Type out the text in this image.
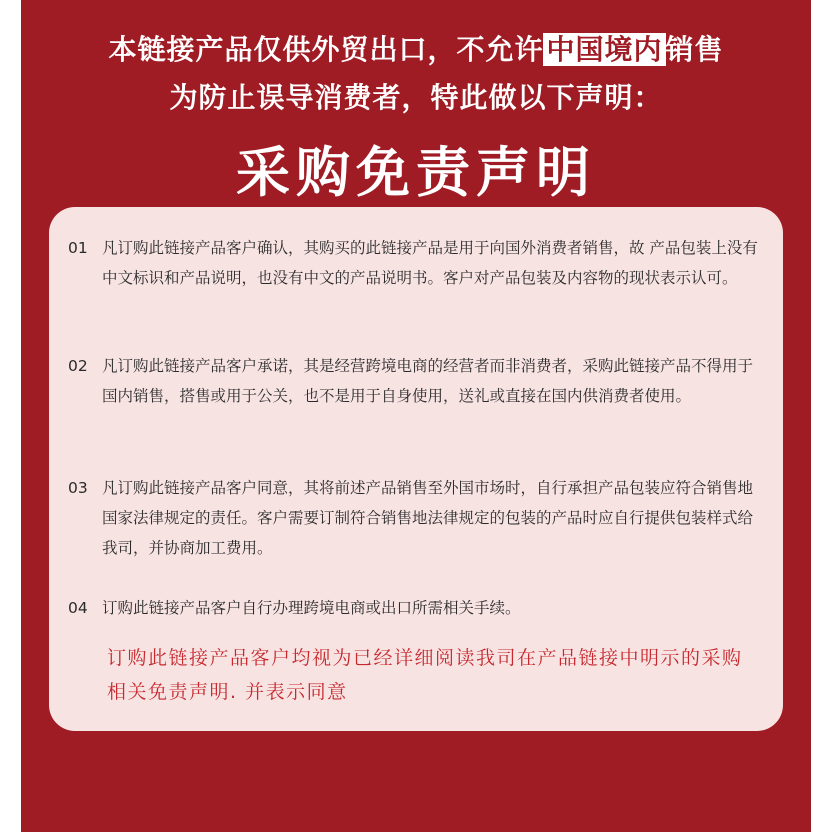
本链接产品仅供外贸出口，不允许 中国境内 销售
为防止误导消费者，特此做以下声明：
采购免责声明
01 凡订购此链接产品客户确认，其购买的此链接产品是用于向国外消费者销售，故 产品包装上没有中文标识和产品说明，也没有中文的产品说明书。客户对产品包装及内容物的现状表示认可。
02 凡订购此链接产品客户承诺，其是经营跨境电商的经营者而非消费者，采购此链接产品不得用于国内销售，搭售或用于公关，也不是用于自身使用，送礼或直接在国内供消费者使用。
03 凡订购此链接产品客户同意，其将前述产品销售至外国市场时，自行承担产品包装应符合销售地国家法律规定的责任。客户需要订制符合销售地法律规定的包装的产品时应自行提供包装样式给我司，并协商加工费用。
04 订购此链接产品客户自行办理跨境电商或出口所需相关手续。
订购此链接产品客户均视为已经详细阅读我司在产品链接中明示的采购相关免责声明. 并表示同意
